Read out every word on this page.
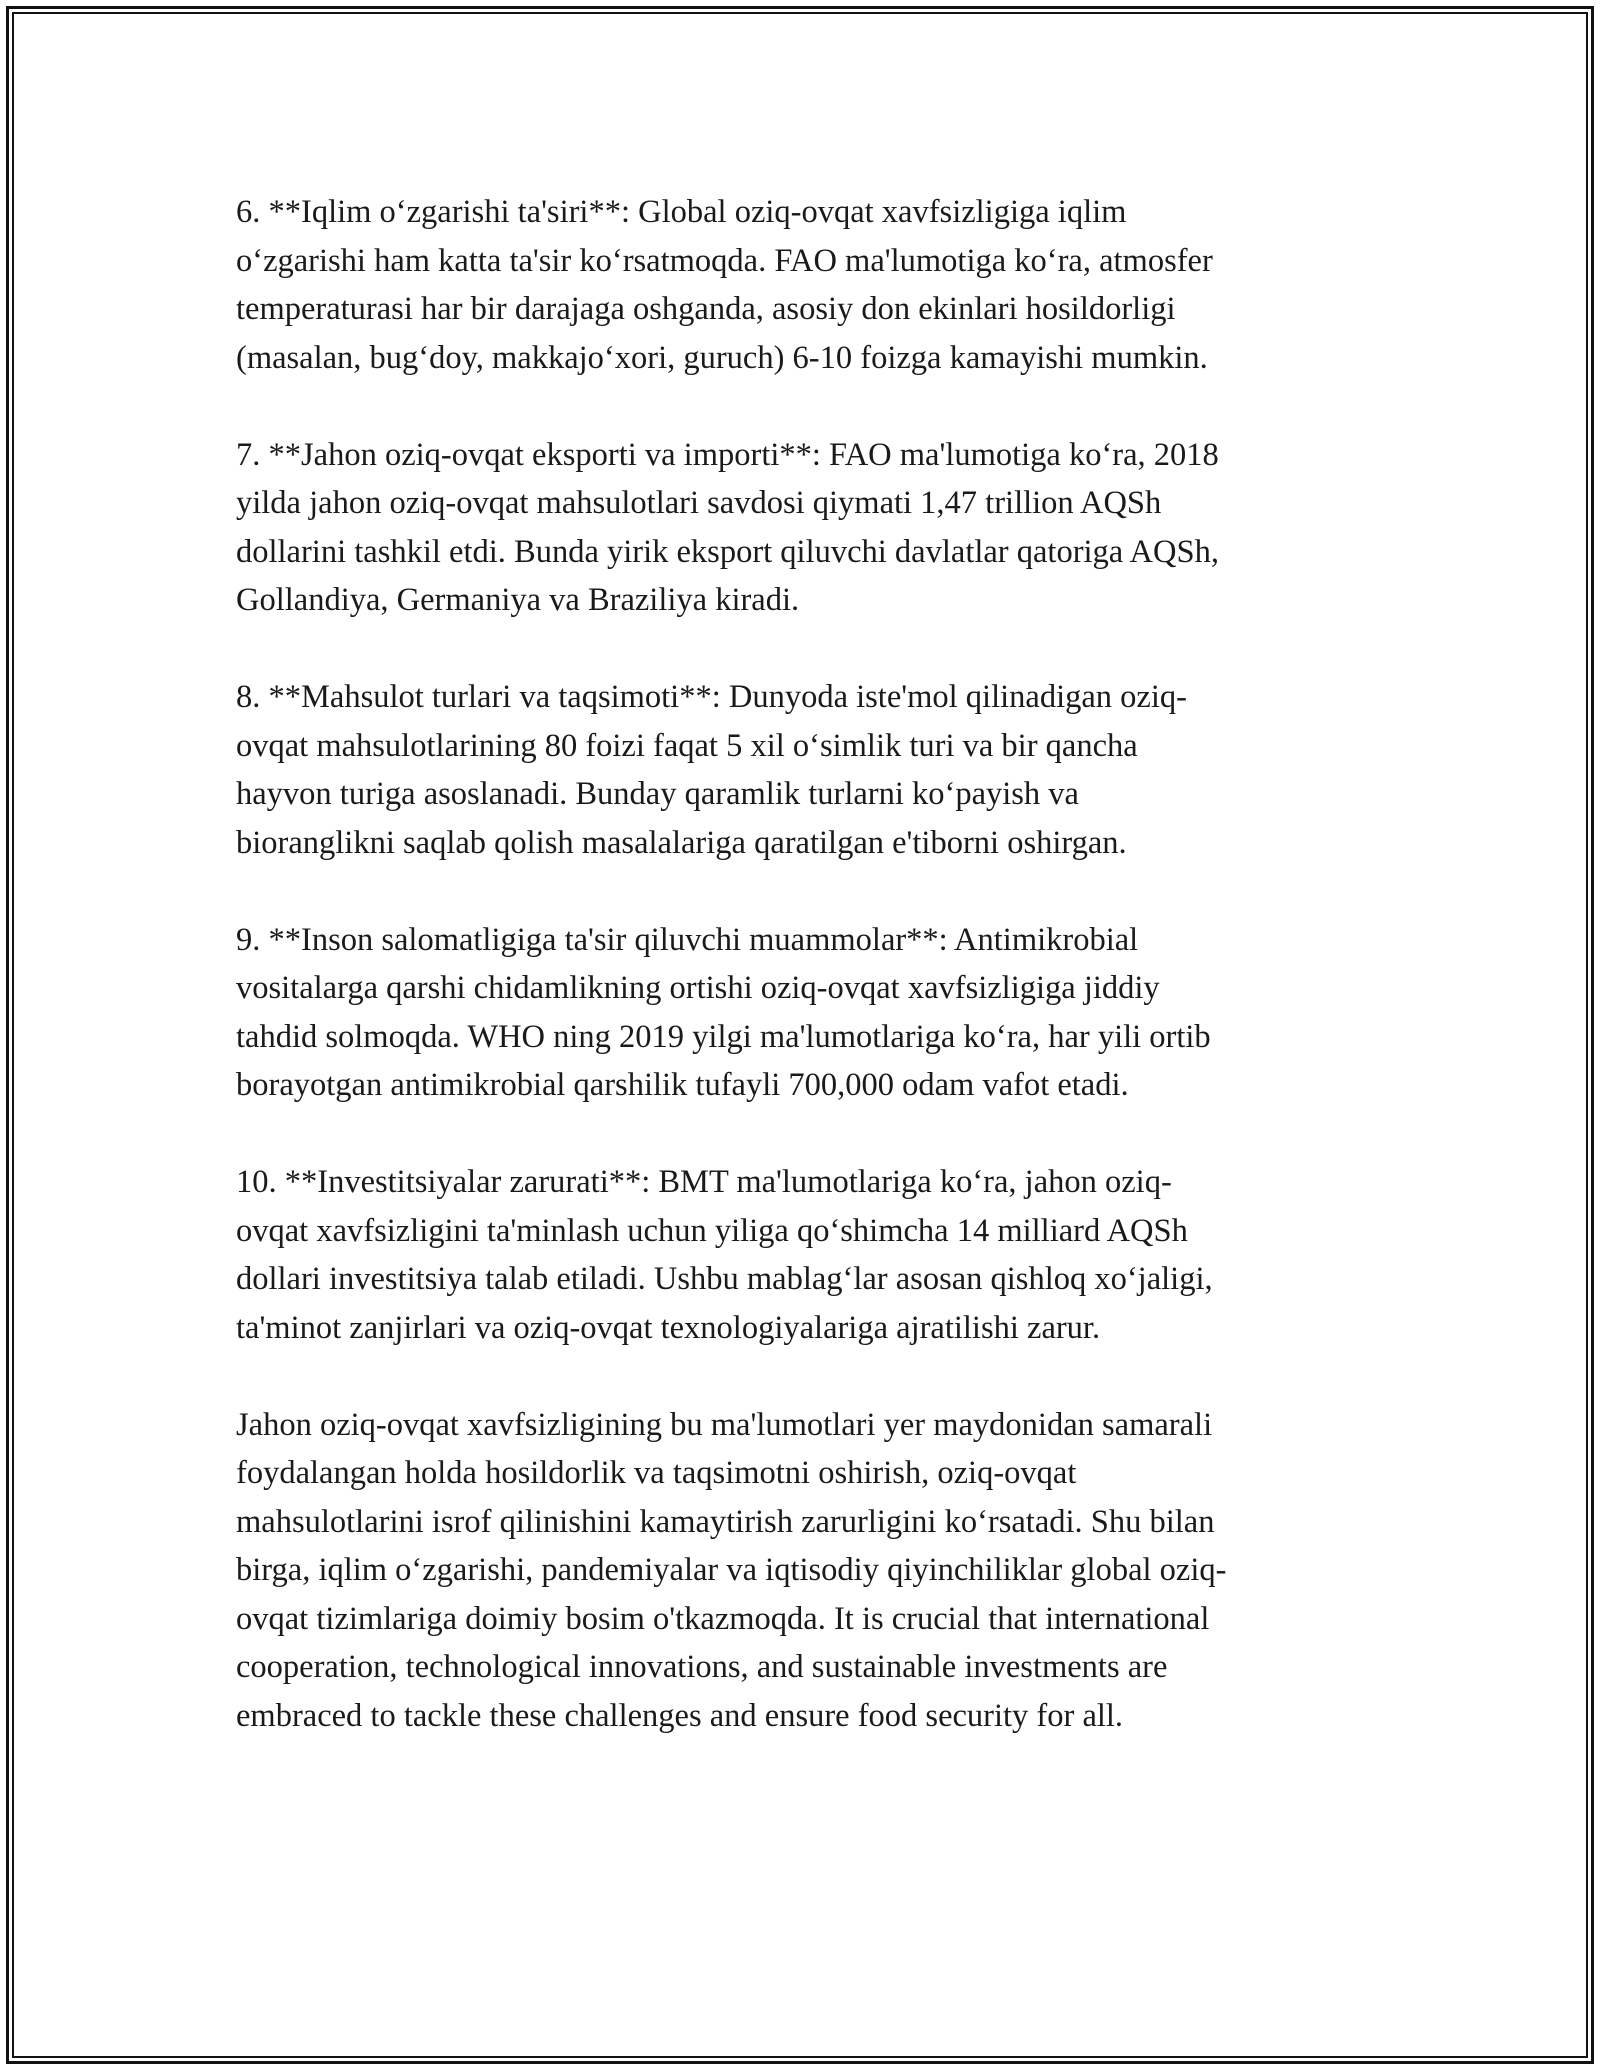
6. **Iqlim o‘zgarishi ta'siri**: Global oziq-ovqat xavfsizligiga iqlim
o‘zgarishi ham katta ta'sir ko‘rsatmoqda. FAO ma'lumotiga ko‘ra, atmosfer
temperaturasi har bir darajaga oshganda, asosiy don ekinlari hosildorligi
(masalan, bug‘doy, makkajo‘xori, guruch) 6-10 foizga kamayishi mumkin.

7. **Jahon oziq-ovqat eksporti va importi**: FAO ma'lumotiga ko‘ra, 2018
yilda jahon oziq-ovqat mahsulotlari savdosi qiymati 1,47 trillion AQSh
dollarini tashkil etdi. Bunda yirik eksport qiluvchi davlatlar qatoriga AQSh,
Gollandiya, Germaniya va Braziliya kiradi.

8. **Mahsulot turlari va taqsimoti**: Dunyoda iste'mol qilinadigan oziq-
ovqat mahsulotlarining 80 foizi faqat 5 xil o‘simlik turi va bir qancha
hayvon turiga asoslanadi. Bunday qaramlik turlarni ko‘payish va
bioranglikni saqlab qolish masalalariga qaratilgan e'tiborni oshirgan.

9. **Inson salomatligiga ta'sir qiluvchi muammolar**: Antimikrobial
vositalarga qarshi chidamlikning ortishi oziq-ovqat xavfsizligiga jiddiy
tahdid solmoqda. WHO ning 2019 yilgi ma'lumotlariga ko‘ra, har yili ortib
borayotgan antimikrobial qarshilik tufayli 700,000 odam vafot etadi.

10. **Investitsiyalar zarurati**: BMT ma'lumotlariga ko‘ra, jahon oziq-
ovqat xavfsizligini ta'minlash uchun yiliga qo‘shimcha 14 milliard AQSh
dollari investitsiya talab etiladi. Ushbu mablag‘lar asosan qishloq xo‘jaligi,
ta'minot zanjirlari va oziq-ovqat texnologiyalariga ajratilishi zarur.

Jahon oziq-ovqat xavfsizligining bu ma'lumotlari yer maydonidan samarali
foydalangan holda hosildorlik va taqsimotni oshirish, oziq-ovqat
mahsulotlarini isrof qilinishini kamaytirish zarurligini ko‘rsatadi. Shu bilan
birga, iqlim o‘zgarishi, pandemiyalar va iqtisodiy qiyinchiliklar global oziq-
ovqat tizimlariga doimiy bosim o'tkazmoqda. It is crucial that international
cooperation, technological innovations, and sustainable investments are
embraced to tackle these challenges and ensure food security for all.
